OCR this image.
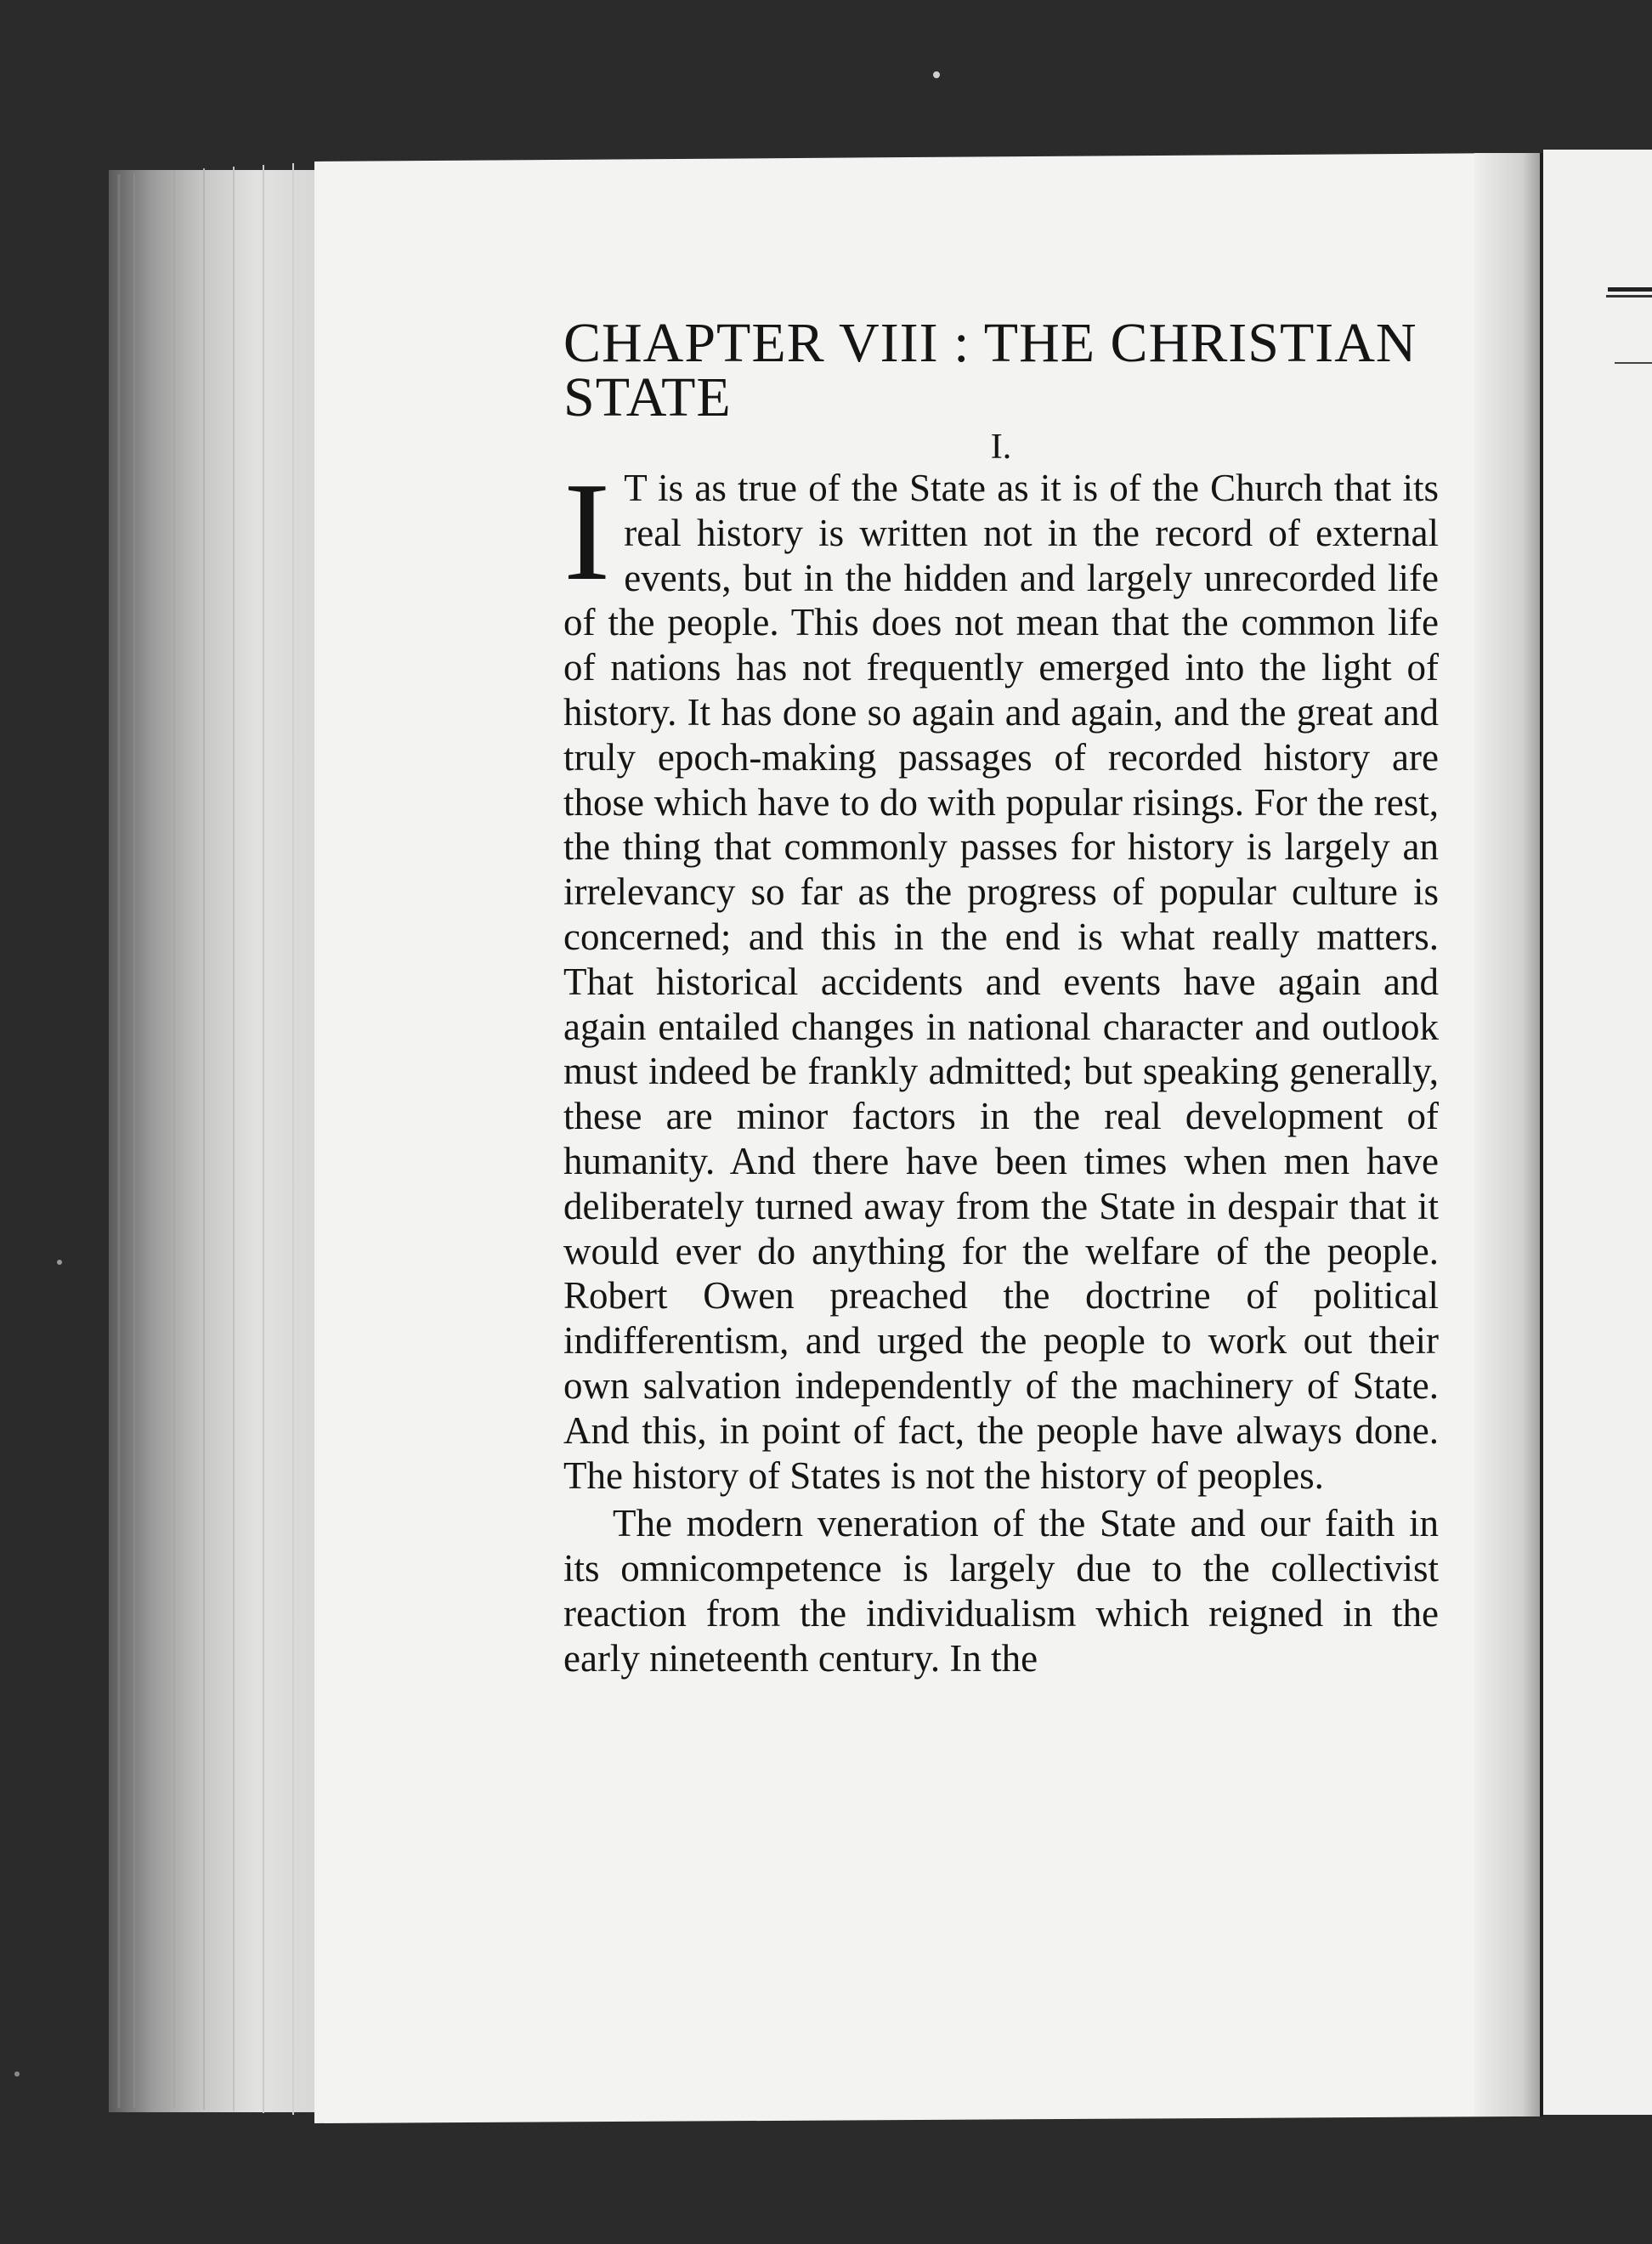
CHAPTER VIII : THE CHRISTIAN STATE
I.

I T is as true of the State as it is of the Church that its real history is written not in the record of external events, but in the hidden and largely unrecorded life of the people. This does not mean that the common life of nations has not frequently emerged into the light of history. It has done so again and again, and the great and truly epoch-making passages of recorded history are those which have to do with popular risings. For the rest, the thing that commonly passes for history is largely an irrelevancy so far as the progress of popular culture is concerned; and this in the end is what really matters. That historical accidents and events have again and again entailed changes in national character and outlook must indeed be frankly admitted; but speaking generally, these are minor factors in the real development of humanity. And there have been times when men have deliberately turned away from the State in despair that it would ever do anything for the welfare of the people. Robert Owen preached the doctrine of political indifferentism, and urged the people to work out their own salvation independently of the machinery of State. And this, in point of fact, the people have always done. The history of States is not the history of peoples.

The modern veneration of the State and our faith in its omnicompetence is largely due to the collectivist reaction from the individualism which reigned in the early nineteenth century. In the
